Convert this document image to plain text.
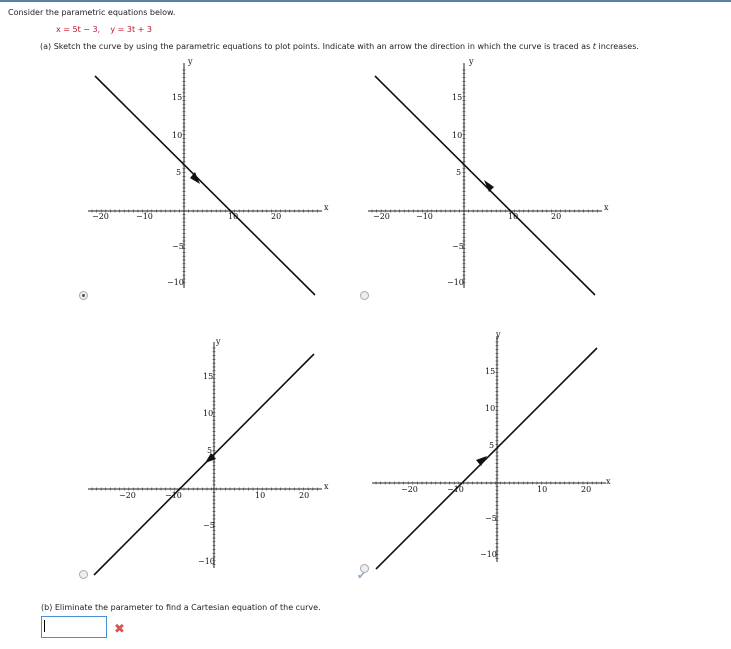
Consider the parametric equations below.
x = 5t − 3, y = 3t + 3
(a) Sketch the curve by using the parametric equations to plot points. Indicate with an arrow the direction in which the curve is traced as t increases.
x
y
−20	−10	10	20
15
10
5
−5
−10
x
y
−20	−10	10	20
15
10
5
−5
−10
x
y
−20	−10	10	20
15
10
5
−5
−10
x
y
−20	−10	10	20
15
10
5
−5
−10
✔
(b) Eliminate the parameter to find a Cartesian equation of the curve.
✖
